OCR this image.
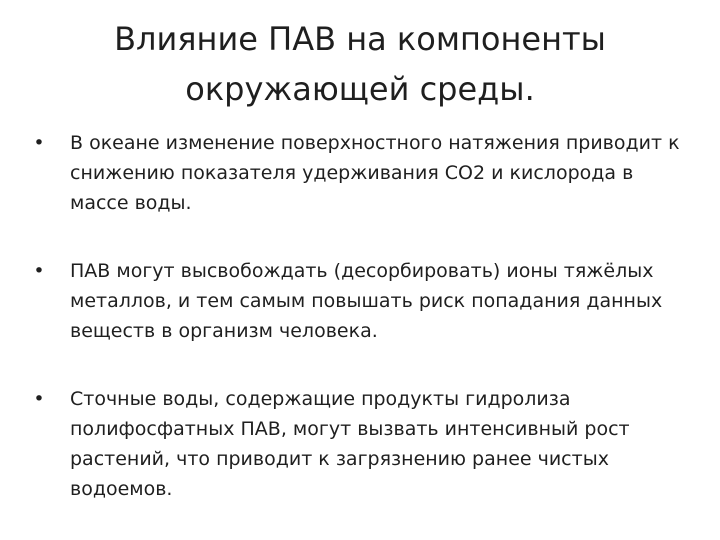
Влияние ПАВ на компоненты окружающей среды.
• В океане изменение поверхностного натяжения приводит к снижению показателя удерживания СО2 и кислорода в массе воды.
• ПАВ могут высвобождать (десорбировать) ионы тяжёлых металлов, и тем самым повышать риск попадания данных веществ в организм человека.
• Сточные воды, содержащие продукты гидролиза полифосфатных ПАВ, могут вызвать интенсивный рост растений, что приводит к загрязнению ранее чистых водоемов.
